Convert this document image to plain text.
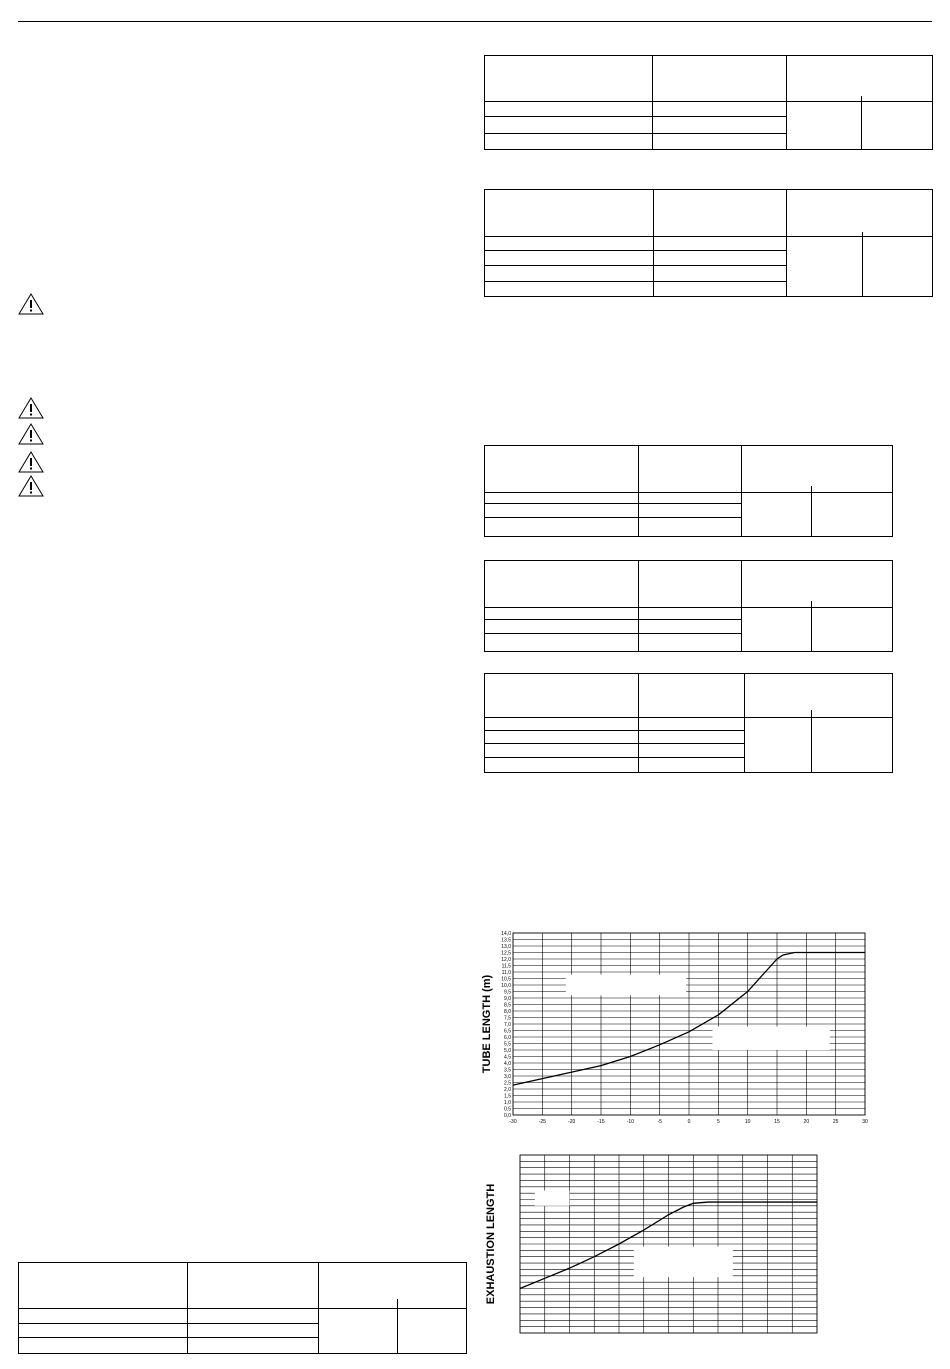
-30	-25	-20	-15	-10	-5	0	5	10	15	20	25	30
0,0
0,5
1,0
1,5
2,0
2,5
3,0
3,5
4,0
4,5
5,0
5,5
6,0
6,5
7,0
7,5
8,0
8,5
9,0
9,5
10,0
10,5
11,0
11,5
12,0
12,5
13,0
13,5
14,0
TUBE LENGTH (m)
EXHAUSTION LENGTH
